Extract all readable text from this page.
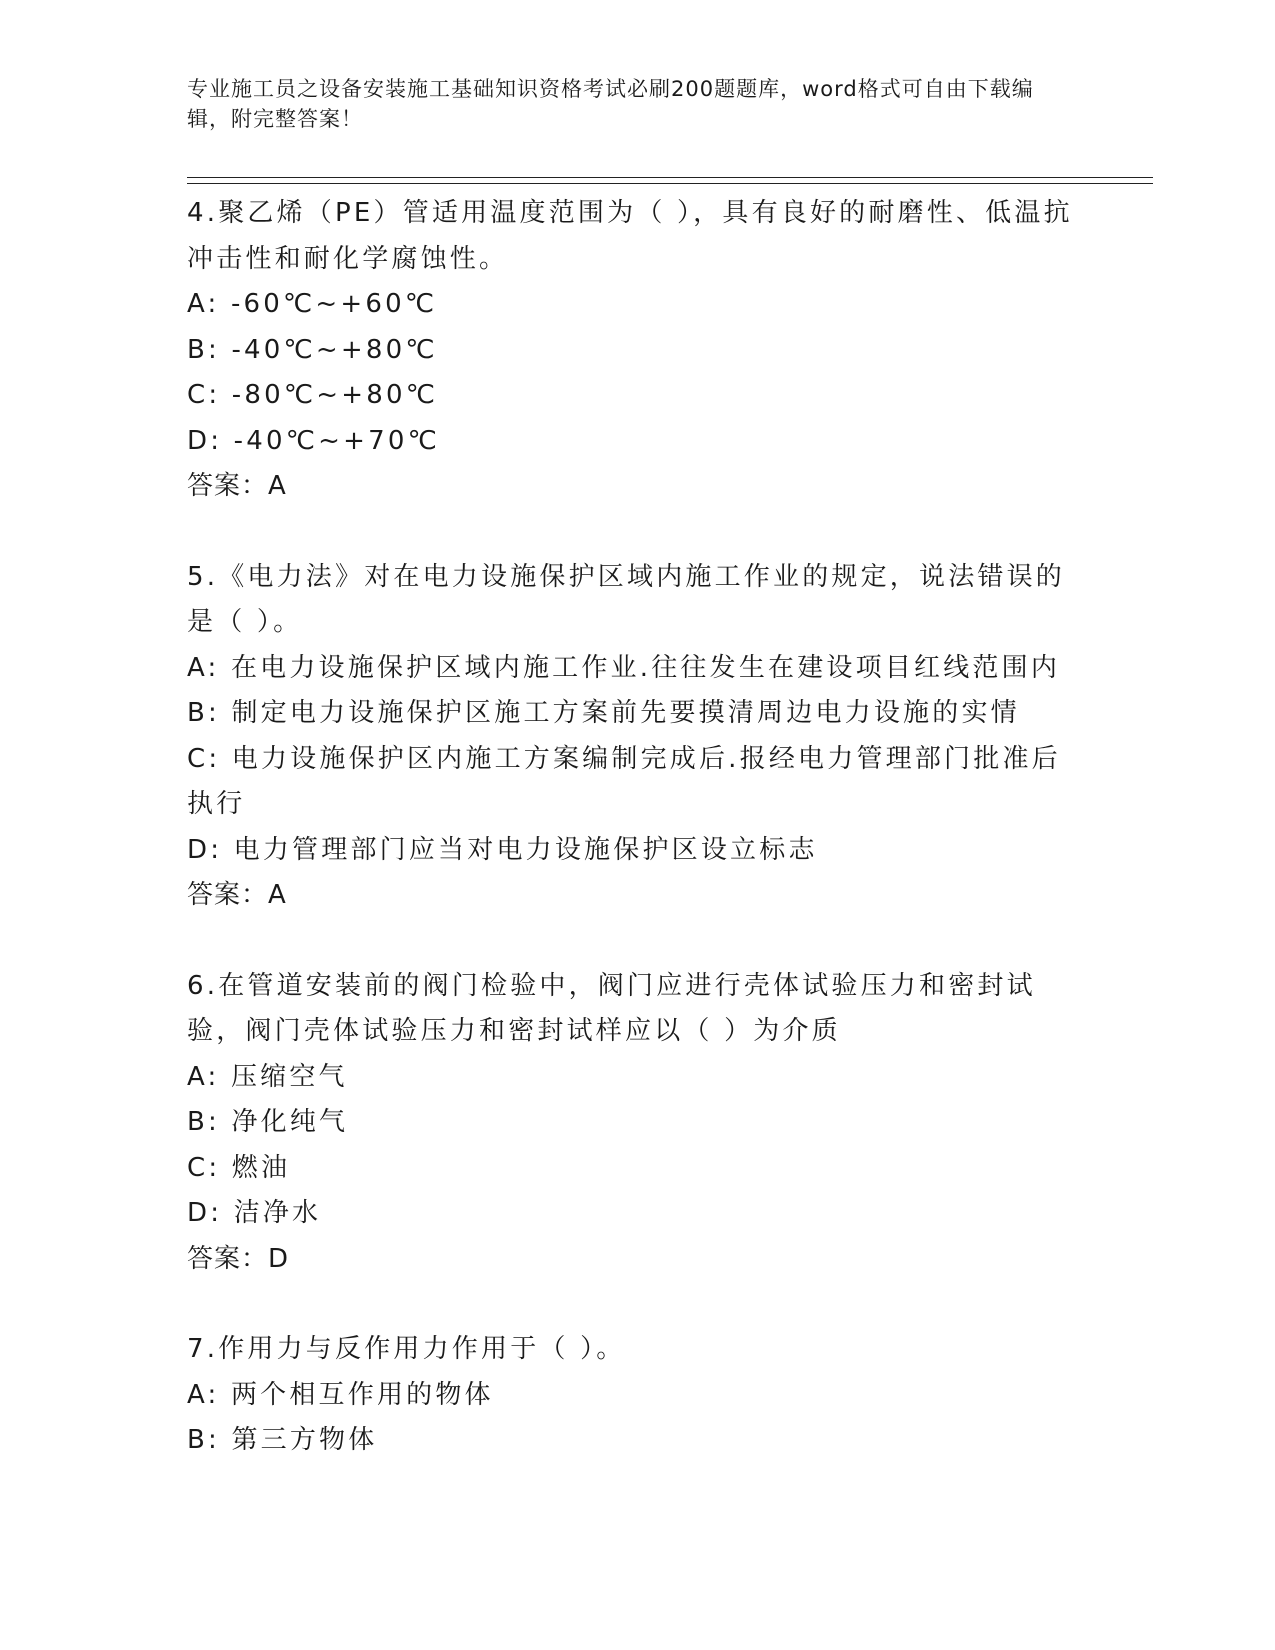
专业施工员之设备安装施工基础知识资格考试必刷200题题库，word格式可自由下载编辑，附完整答案！

4.聚乙烯（PE）管适用温度范围为（ ），具有良好的耐磨性、低温抗冲击性和耐化学腐蚀性。

A: -60℃~+60℃

B: -40℃~+80℃

C: -80℃~+80℃

D: -40℃~+70℃

答案：A

5.《电力法》对在电力设施保护区域内施工作业的规定，说法错误的是（ ）。

A: 在电力设施保护区域内施工作业.往往发生在建设项目红线范围内

B: 制定电力设施保护区施工方案前先要摸清周边电力设施的实情

C: 电力设施保护区内施工方案编制完成后.报经电力管理部门批准后执行

D: 电力管理部门应当对电力设施保护区设立标志

答案：A

6.在管道安装前的阀门检验中，阀门应进行壳体试验压力和密封试验，阀门壳体试验压力和密封试样应以（ ）为介质

A: 压缩空气

B: 净化纯气

C: 燃油

D: 洁净水

答案：D

7.作用力与反作用力作用于（ ）。

A: 两个相互作用的物体

B: 第三方物体
